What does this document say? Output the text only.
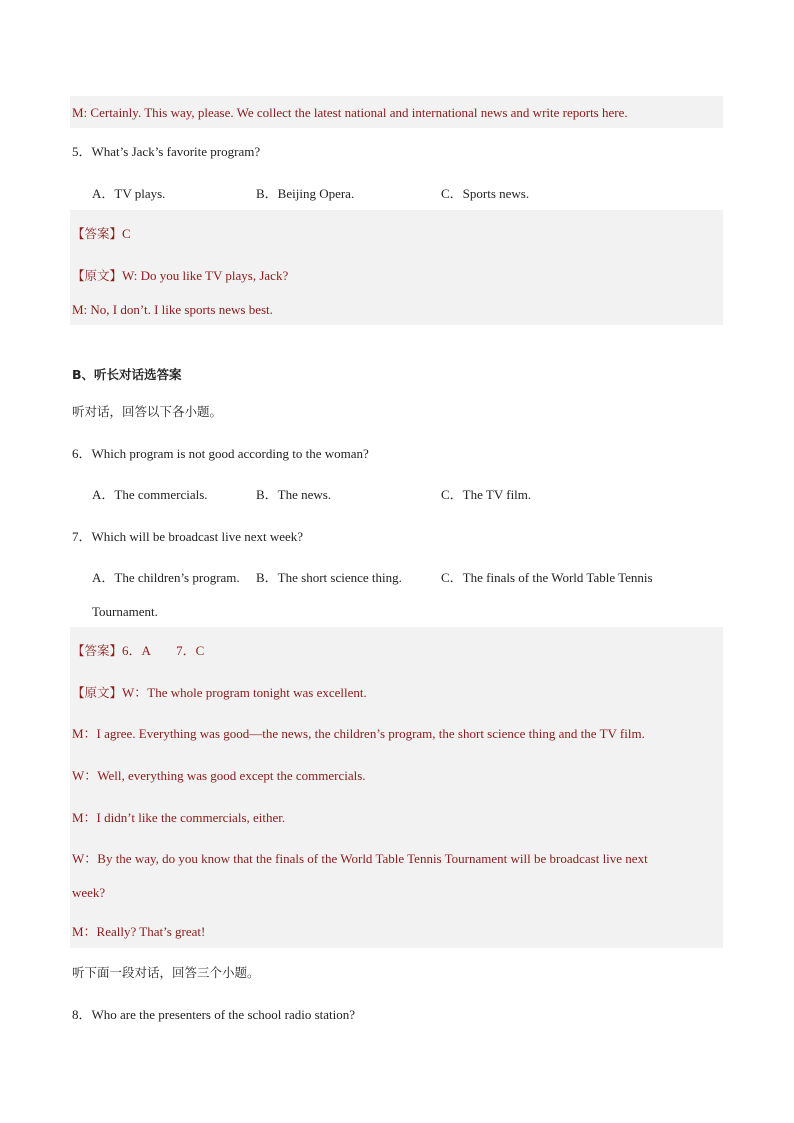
M: Certainly. This way, please. We collect the latest national and international news and write reports here.
5．What’s Jack’s favorite program?
A．TV plays.	B．Beijing Opera.	C．Sports news.
【答案】C
【原文】W: Do you like TV plays, Jack?
M: No, I don’t. I like sports news best.
B、听长对话选答案
听对话，回答以下各小题。
6．Which program is not good according to the woman?
A．The commercials.	B．The news.	C．The TV film.
7．Which will be broadcast live next week?
A．The children’s program. B．The short science thing.	C．The finals of the World Table Tennis
Tournament.
【答案】6．A        7．C
【原文】W：The whole program tonight was excellent.
M：I agree. Everything was good—the news, the children’s program, the short science thing and the TV film.
W：Well, everything was good except the commercials.
M：I didn’t like the commercials, either.
W：By the way, do you know that the finals of the World Table Tennis Tournament will be broadcast live next
week?
M：Really? That’s great!
听下面一段对话，回答三个小题。
8．Who are the presenters of the school radio station?
